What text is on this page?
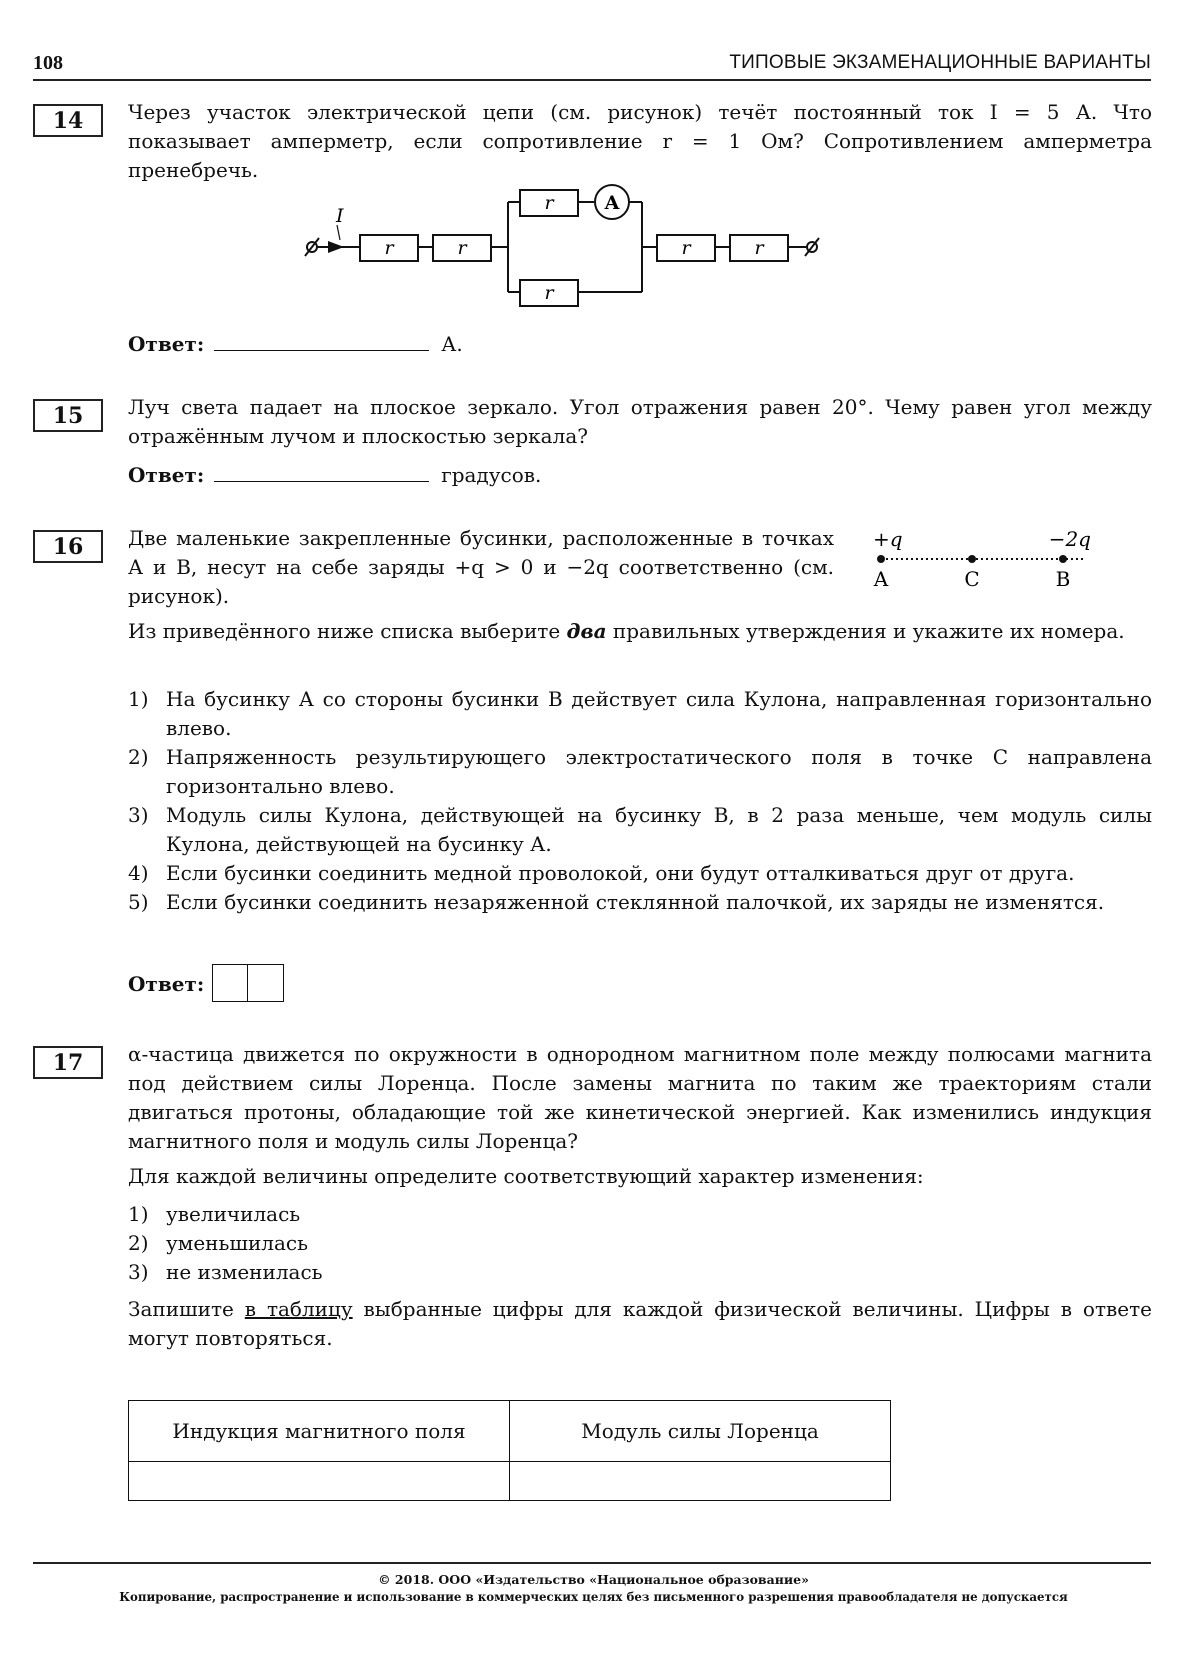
108	ТИПОВЫЕ ЭКЗАМЕНАЦИОННЫЕ ВАРИАНТЫ
14	Через участок электрической цепи (см. рисунок) течёт постоянный ток I = 5 А. Что показывает амперметр, если сопротивление r = 1 Ом? Сопротивлением амперметра пренебречь.
I
r	r
r	A
r
r	r
Ответ:	А.
15	Луч света падает на плоское зеркало. Угол отражения равен 20°. Чему равен угол между отражённым лучом и плоскостью зеркала?
Ответ:	градусов.
16	Две маленькие закрепленные бусинки, расположенные в точках А и В, несут на себе заряды +q > 0 и −2q соответственно (см. рисунок).
+q	−2q
A	C	B
Из приведённого ниже списка выберите два правильных утверждения и укажите их номера.
1) На бусинку А со стороны бусинки В действует сила Кулона, направленная горизонтально влево.
2) Напряженность результирующего электростатического поля в точке С направлена горизонтально влево.
3) Модуль силы Кулона, действующей на бусинку В, в 2 раза меньше, чем модуль силы Кулона, действующей на бусинку А.
4) Если бусинки соединить медной проволокой, они будут отталкиваться друг от друга.
5) Если бусинки соединить незаряженной стеклянной палочкой, их заряды не изменятся.
Ответ:
17	α-частица движется по окружности в однородном магнитном поле между полюсами магнита под действием силы Лоренца. После замены магнита по таким же траекториям стали двигаться протоны, обладающие той же кинетической энергией. Как изменились индукция магнитного поля и модуль силы Лоренца?
Для каждой величины определите соответствующий характер изменения:
1) увеличилась
2) уменьшилась
3) не изменилась
Запишите в таблицу выбранные цифры для каждой физической величины. Цифры в ответе могут повторяться.
Индукция магнитного поля	Модуль силы Лоренца

© 2018. ООО «Издательство «Национальное образование»
Копирование, распространение и использование в коммерческих целях без письменного разрешения правообладателя не допускается
